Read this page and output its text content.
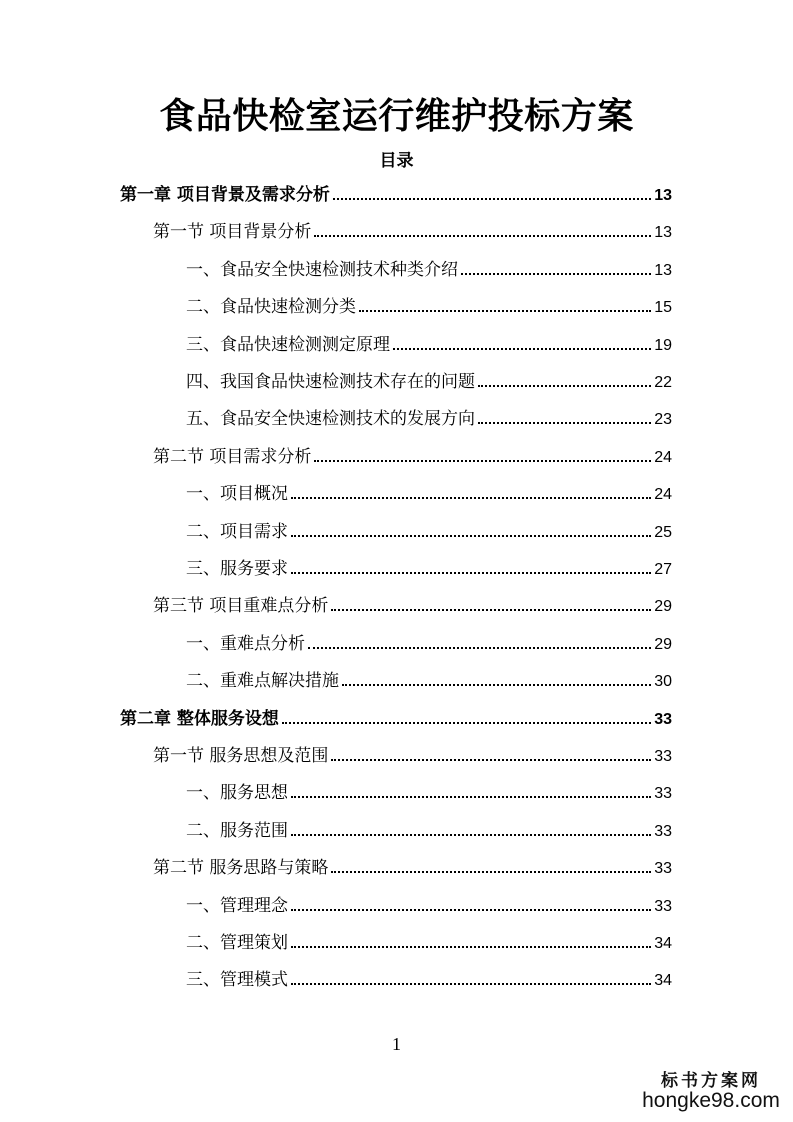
食品快检室运行维护投标方案
目录
第一章 项目背景及需求分析	13
第一节 项目背景分析	13
一、食品安全快速检测技术种类介绍	13
二、食品快速检测分类	15
三、食品快速检测测定原理	19
四、我国食品快速检测技术存在的问题	22
五、食品安全快速检测技术的发展方向	23
第二节 项目需求分析	24
一、项目概况	24
二、项目需求	25
三、服务要求	27
第三节 项目重难点分析	29
一、重难点分析	29
二、重难点解决措施	30
第二章 整体服务设想	33
第一节 服务思想及范围	33
一、服务思想	33
二、服务范围	33
第二节 服务思路与策略	33
一、管理理念	33
二、管理策划	34
三、管理模式	34
1
标书方案网
hongke98.com
